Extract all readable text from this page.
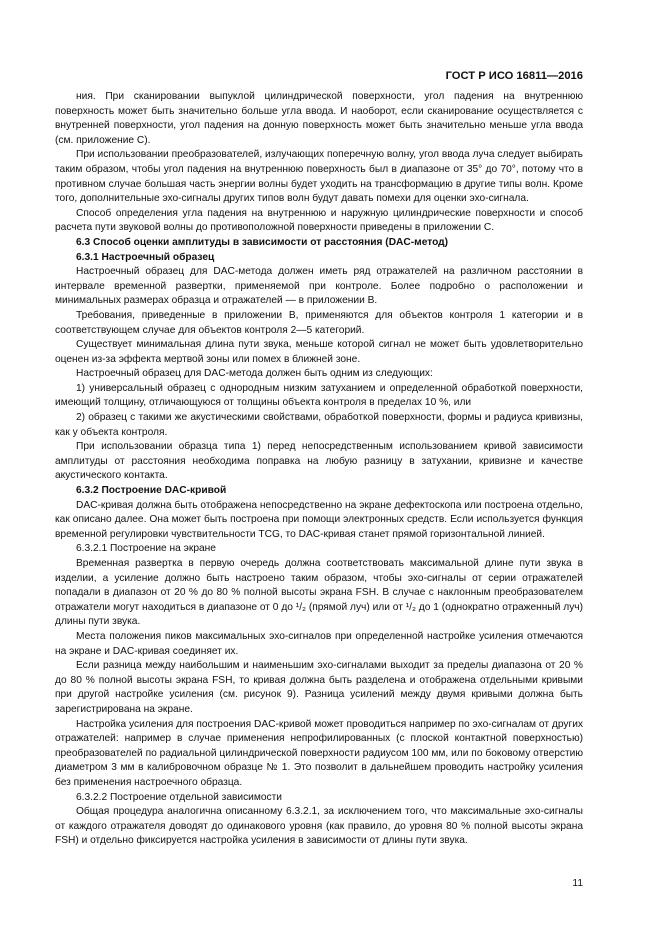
ГОСТ Р ИСО 16811—2016

ния. При сканировании выпуклой цилиндрической поверхности, угол падения на внутреннюю поверхность может быть значительно больше угла ввода. И наоборот, если сканирование осуществляется с внутренней поверхности, угол падения на донную поверхность может быть значительно меньше угла ввода (см. приложение С).

При использовании преобразователей, излучающих поперечную волну, угол ввода луча следует выбирать таким образом, чтобы угол падения на внутреннюю поверхность был в диапазоне от 35° до 70°, потому что в противном случае большая часть энергии волны будет уходить на трансформацию в другие типы волн. Кроме того, дополнительные эхо-сигналы других типов волн будут давать помехи для оценки эхо-сигнала.

Способ определения угла падения на внутреннюю и наружную цилиндрические поверхности и способ расчета пути звуковой волны до противоположной поверхности приведены в приложении С.

6.3 Способ оценки амплитуды в зависимости от расстояния (DAC-метод)

6.3.1 Настроечный образец

Настроечный образец для DAC-метода должен иметь ряд отражателей на различном расстоянии в интервале временной развертки, применяемой при контроле. Более подробно о расположении и минимальных размерах образца и отражателей — в приложении В.

Требования, приведенные в приложении В, применяются для объектов контроля 1 категории и в соответствующем случае для объектов контроля 2—5 категорий.

Существует минимальная длина пути звука, меньше которой сигнал не может быть удовлетворительно оценен из-за эффекта мертвой зоны или помех в ближней зоне.

Настроечный образец для DAC-метода должен быть одним из следующих:

1) универсальный образец с однородным низким затуханием и определенной обработкой поверхности, имеющий толщину, отличающуюся от толщины объекта контроля в пределах 10 %, или

2) образец с такими же акустическими свойствами, обработкой поверхности, формы и радиуса кривизны, как у объекта контроля.

При использовании образца типа 1) перед непосредственным использованием кривой зависимости амплитуды от расстояния необходима поправка на любую разницу в затухании, кривизне и качестве акустического контакта.

6.3.2 Построение DAC-кривой

DAC-кривая должна быть отображена непосредственно на экране дефектоскопа или построена отдельно, как описано далее. Она может быть построена при помощи электронных средств. Если используется функция временной регулировки чувствительности TCG, то DAC-кривая станет прямой горизонтальной линией.

6.3.2.1 Построение на экране

Временная развертка в первую очередь должна соответствовать максимальной длине пути звука в изделии, а усиление должно быть настроено таким образом, чтобы эхо-сигналы от серии отражателей попадали в диапазон от 20 % до 80 % полной высоты экрана FSH. В случае с наклонным преобразователем отражатели могут находиться в диапазоне от 0 до ¹/₂ (прямой луч) или от ¹/₂ до 1 (однократно отраженный луч) длины пути звука.

Места положения пиков максимальных эхо-сигналов при определенной настройке усиления отмечаются на экране и DAC-кривая соединяет их.

Если разница между наибольшим и наименьшим эхо-сигналами выходит за пределы диапазона от 20 % до 80 % полной высоты экрана FSH, то кривая должна быть разделена и отображена отдельными кривыми при другой настройке усиления (см. рисунок 9). Разница усилений между двумя кривыми должна быть зарегистрирована на экране.

Настройка усиления для построения DAC-кривой может проводиться например по эхо-сигналам от других отражателей: например в случае применения непрофилированных (с плоской контактной поверхностью) преобразователей по радиальной цилиндрической поверхности радиусом 100 мм, или по боковому отверстию диаметром 3 мм в калибровочном образце № 1. Это позволит в дальнейшем проводить настройку усиления без применения настроечного образца.

6.3.2.2 Построение отдельной зависимости

Общая процедура аналогична описанному 6.3.2.1, за исключением того, что максимальные эхо-сигналы от каждого отражателя доводят до одинакового уровня (как правило, до уровня 80 % полной высоты экрана FSH) и отдельно фиксируется настройка усиления в зависимости от длины пути звука.

11
